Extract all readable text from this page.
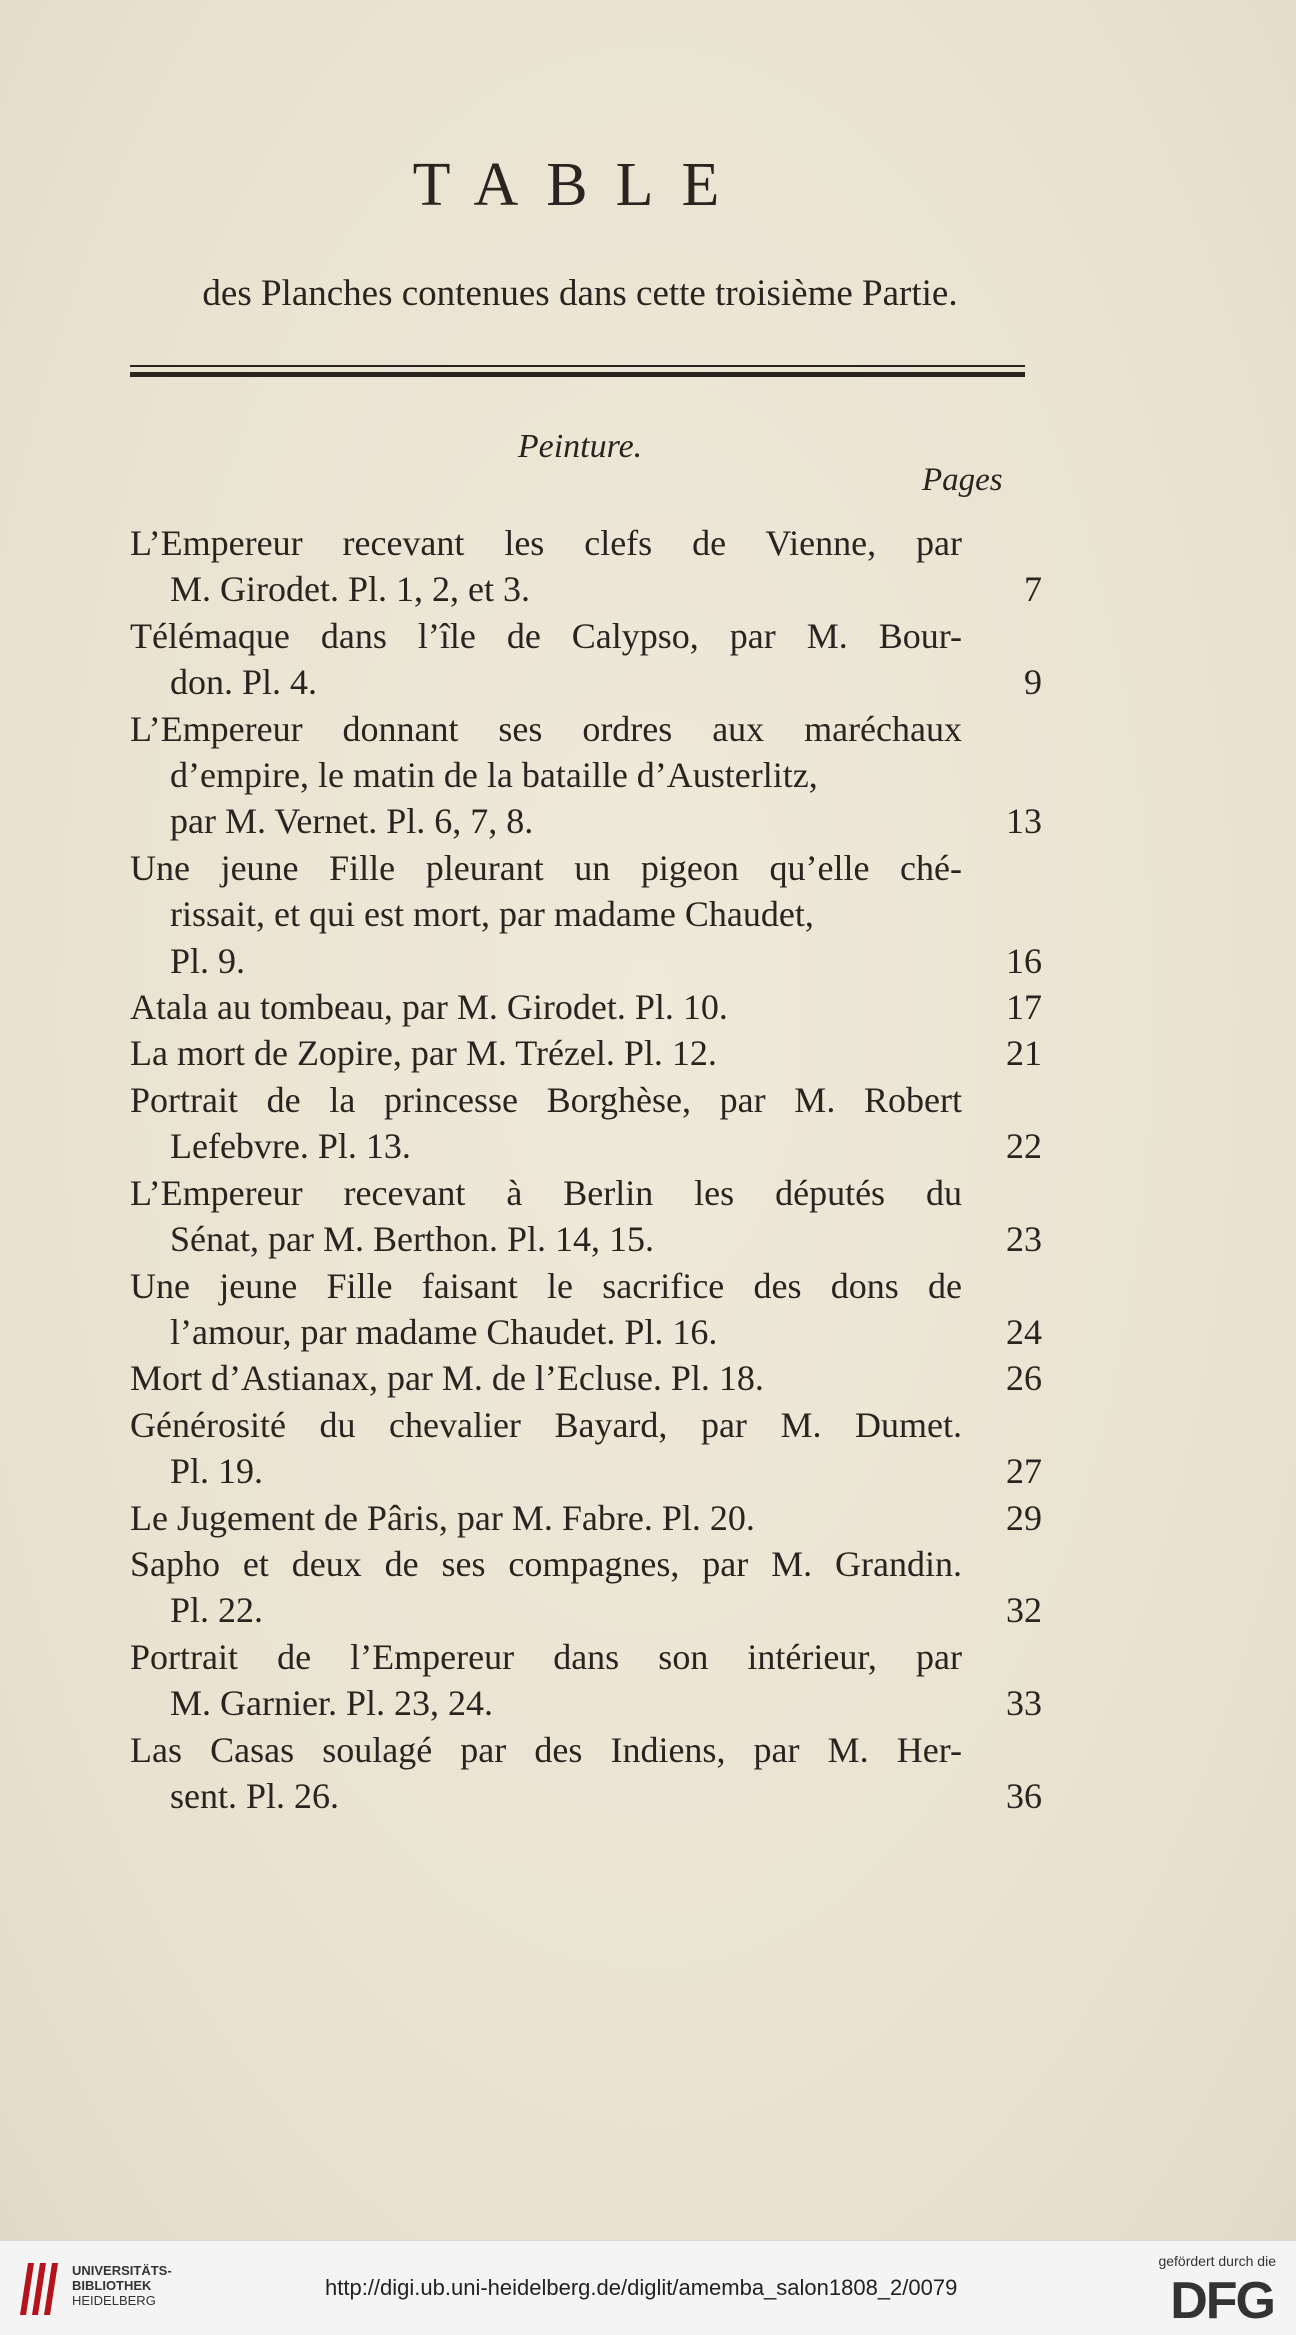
TABLE
des Planches contenues dans cette troisième Partie.
Peinture.
Pages
L’Empereur recevant les clefs de Vienne, par
M. Girodet. Pl. 1, 2, et 3.	7
Télémaque dans l’île de Calypso, par M. Bour-
don. Pl. 4.	9
L’Empereur donnant ses ordres aux maréchaux
d’empire, le matin de la bataille d’Austerlitz,
par M. Vernet. Pl. 6, 7, 8.	13
Une jeune Fille pleurant un pigeon qu’elle ché-
rissait, et qui est mort, par madame Chaudet,
Pl. 9.	16
Atala au tombeau, par M. Girodet. Pl. 10.	17
La mort de Zopire, par M. Trézel. Pl. 12.	21
Portrait de la princesse Borghèse, par M. Robert
Lefebvre. Pl. 13.	22
L’Empereur recevant à Berlin les députés du
Sénat, par M. Berthon. Pl. 14, 15.	23
Une jeune Fille faisant le sacrifice des dons de
l’amour, par madame Chaudet. Pl. 16.	24
Mort d’Astianax, par M. de l’Ecluse. Pl. 18.	26
Générosité du chevalier Bayard, par M. Dumet.
Pl. 19.	27
Le Jugement de Pâris, par M. Fabre. Pl. 20.	29
Sapho et deux de ses compagnes, par M. Grandin.
Pl. 22.	32
Portrait de l’Empereur dans son intérieur, par
M. Garnier. Pl. 23, 24.	33
Las Casas soulagé par des Indiens, par M. Her-
sent. Pl. 26.	36
UNIVERSITÄTS-
BIBLIOTHEK
HEIDELBERG
http://digi.ub.uni-heidelberg.de/diglit/amemba_salon1808_2/0079
gefördert durch die
DFG
